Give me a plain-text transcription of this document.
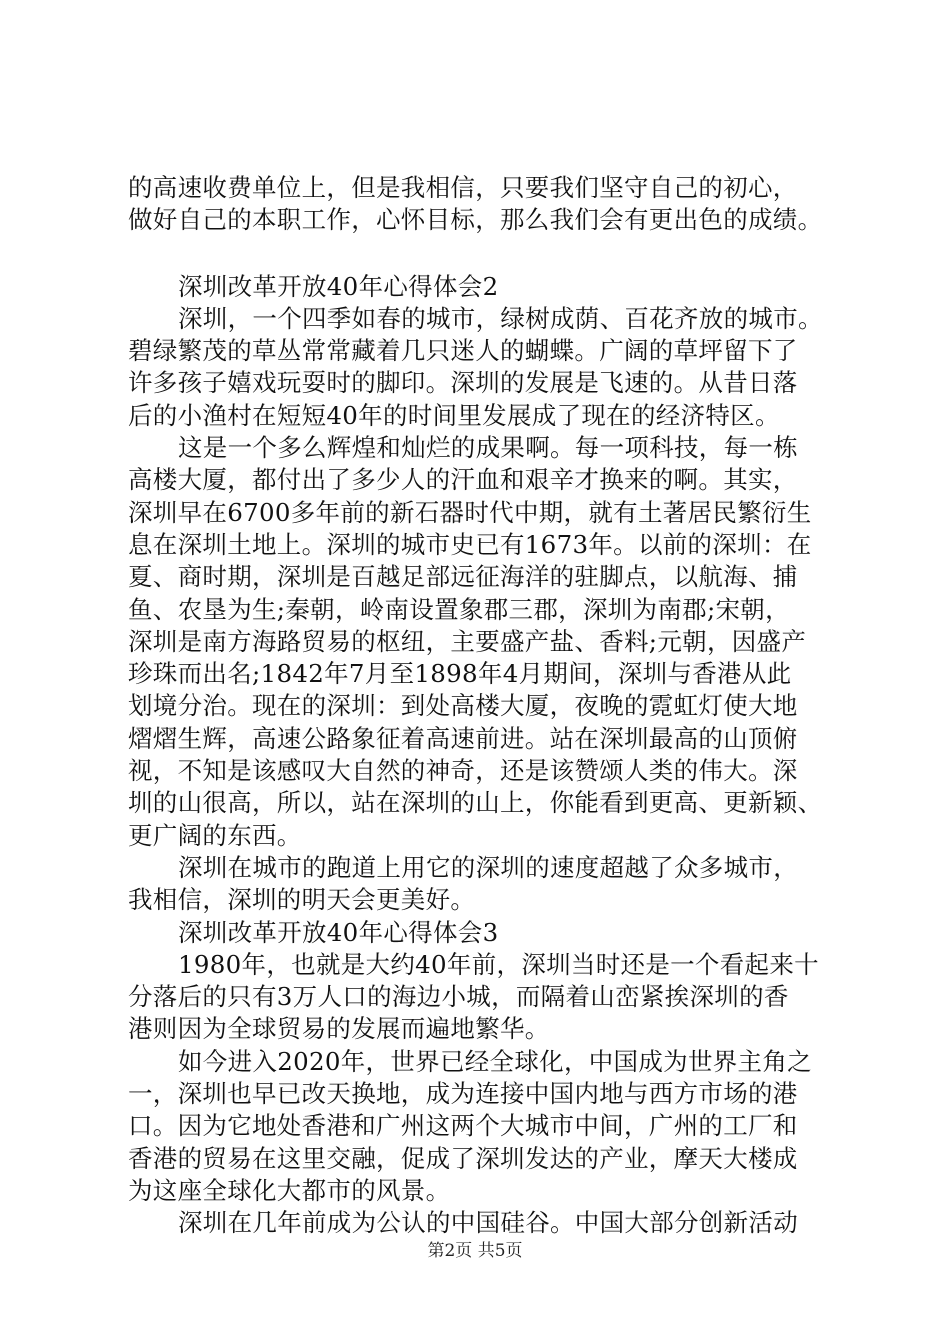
的高速收费单位上，但是我相信，只要我们坚守自己的初心，
做好自己的本职工作，心怀目标，那么我们会有更出色的成绩。
深圳改革开放40年心得体会2
深圳，一个四季如春的城市，绿树成荫、百花齐放的城市。
碧绿繁茂的草丛常常藏着几只迷人的蝴蝶。广阔的草坪留下了
许多孩子嬉戏玩耍时的脚印。深圳的发展是飞速的。从昔日落
后的小渔村在短短40年的时间里发展成了现在的经济特区。
这是一个多么辉煌和灿烂的成果啊。每一项科技，每一栋
高楼大厦，都付出了多少人的汗血和艰辛才换来的啊。其实，
深圳早在6700多年前的新石器时代中期，就有土著居民繁衍生
息在深圳土地上。深圳的城市史已有1673年。以前的深圳：在
夏、商时期，深圳是百越足部远征海洋的驻脚点，以航海、捕
鱼、农垦为生;秦朝，岭南设置象郡三郡，深圳为南郡;宋朝，
深圳是南方海路贸易的枢纽，主要盛产盐、香料;元朝，因盛产
珍珠而出名;1842年7月至1898年4月期间，深圳与香港从此
划境分治。现在的深圳：到处高楼大厦，夜晚的霓虹灯使大地
熠熠生辉，高速公路象征着高速前进。站在深圳最高的山顶俯
视，不知是该感叹大自然的神奇，还是该赞颂人类的伟大。深
圳的山很高，所以，站在深圳的山上，你能看到更高、更新颖、
更广阔的东西。
深圳在城市的跑道上用它的深圳的速度超越了众多城市，
我相信，深圳的明天会更美好。
深圳改革开放40年心得体会3
1980年，也就是大约40年前，深圳当时还是一个看起来十
分落后的只有3万人口的海边小城，而隔着山峦紧挨深圳的香
港则因为全球贸易的发展而遍地繁华。
如今进入2020年，世界已经全球化，中国成为世界主角之
一，深圳也早已改天换地，成为连接中国内地与西方市场的港
口。因为它地处香港和广州这两个大城市中间，广州的工厂和
香港的贸易在这里交融，促成了深圳发达的产业，摩天大楼成
为这座全球化大都市的风景。
深圳在几年前成为公认的中国硅谷。中国大部分创新活动
第2页 共5页
